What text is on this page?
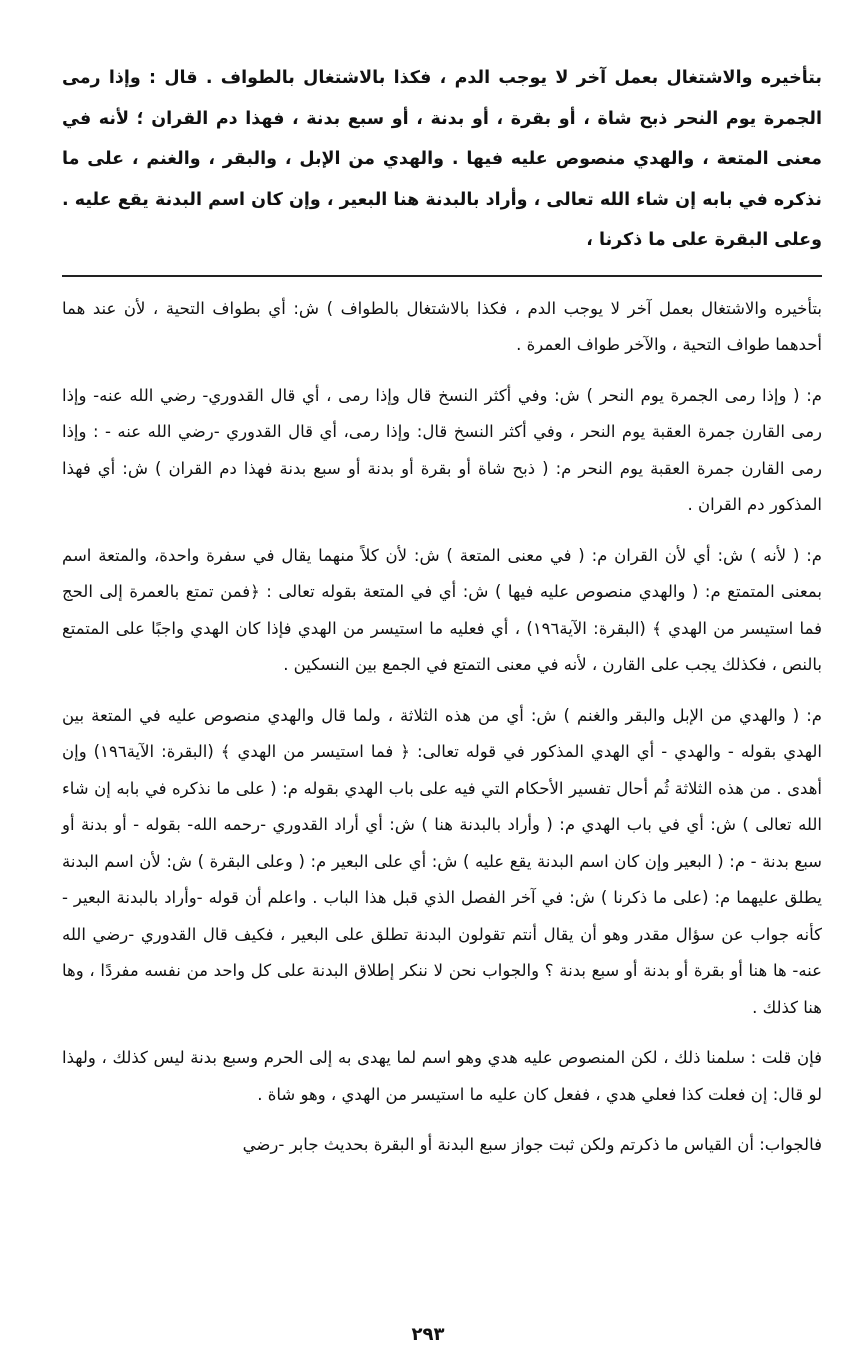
بتأخيره والاشتغال بعمل آخر لا يوجب الدم ، فكذا بالاشتغال بالطواف . قال : وإذا رمى الجمرة يوم النحر ذبح شاة ، أو بقرة ، أو بدنة ، أو سبع بدنة ، فهذا دم القران ؛ لأنه في معنى المتعة ، والهدي منصوص عليه فيها . والهدي من الإبل ، والبقر ، والغنم ، على ما نذكره في بابه إن شاء الله تعالى ، وأراد بالبدنة هنا البعير ، وإن كان اسم البدنة يقع عليه . وعلى البقرة على ما ذكرنا ،

بتأخيره والاشتغال بعمل آخر لا يوجب الدم ، فكذا بالاشتغال بالطواف ) ش: أي بطواف التحية ، لأن عند هما أحدهما طواف التحية ، والآخر طواف العمرة .

م: ( وإذا رمى الجمرة يوم النحر ) ش: وفي أكثر النسخ قال وإذا رمى ، أي قال القدوري- رضي الله عنه- وإذا رمى القارن جمرة العقبة يوم النحر ، وفي أكثر النسخ قال: وإذا رمى، أي قال القدوري -رضي الله عنه - : وإذا رمى القارن جمرة العقبة يوم النحر م: ( ذبح شاة أو بقرة أو بدنة أو سبع بدنة فهذا دم القران ) ش: أي فهذا المذكور دم القران .

م: ( لأنه ) ش: أي لأن القران م: ( في معنى المتعة ) ش: لأن كلاً منهما يقال في سفرة واحدة، والمتعة اسم بمعنى المتمتع م: ( والهدي منصوص عليه فيها ) ش: أي في المتعة بقوله تعالى : ﴿فمن تمتع بالعمرة إلى الحج فما استيسر من الهدي ﴾ (البقرة: الآية١٩٦) ، أي فعليه ما استيسر من الهدي فإذا كان الهدي واجبًا على المتمتع بالنص ، فكذلك يجب على القارن ، لأنه في معنى التمتع في الجمع بين النسكين .

م: ( والهدي من الإبل والبقر والغنم ) ش: أي من هذه الثلاثة ، ولما قال والهدي منصوص عليه في المتعة بين الهدي بقوله - والهدي - أي الهدي المذكور في قوله تعالى: ﴿ فما استيسر من الهدي ﴾ (البقرة: الآية١٩٦) وإن أهدى . من هذه الثلاثة ثُم أحال تفسير الأحكام التي فيه على باب الهدي بقوله م: ( على ما نذكره في بابه إن شاء الله تعالى ) ش: أي في باب الهدي م: ( وأراد بالبدنة هنا ) ش: أي أراد القدوري -رحمه الله- بقوله - أو بدنة أو سبع بدنة - م: ( البعير وإن كان اسم البدنة يقع عليه ) ش: أي على البعير م: ( وعلى البقرة ) ش: لأن اسم البدنة يطلق عليهما م: (على ما ذكرنا ) ش: في آخر الفصل الذي قبل هذا الباب . واعلم أن قوله -وأراد بالبدنة البعير - كأنه جواب عن سؤال مقدر وهو أن يقال أنتم تقولون البدنة تطلق على البعير ، فكيف قال القدوري -رضي الله عنه- ها هنا أو بقرة أو بدنة أو سبع بدنة ؟ والجواب نحن لا ننكر إطلاق البدنة على كل واحد من نفسه مفردًا ، وها هنا كذلك .

فإن قلت : سلمنا ذلك ، لكن المنصوص عليه هدي وهو اسم لما يهدى به إلى الحرم وسبع بدنة ليس كذلك ، ولهذا لو قال: إن فعلت كذا فعلي هدي ، ففعل كان عليه ما استيسر من الهدي ، وهو شاة .

فالجواب: أن القياس ما ذكرتم ولكن ثبت جواز سبع البدنة أو البقرة بحديث جابر -رضي

٢٩٣
